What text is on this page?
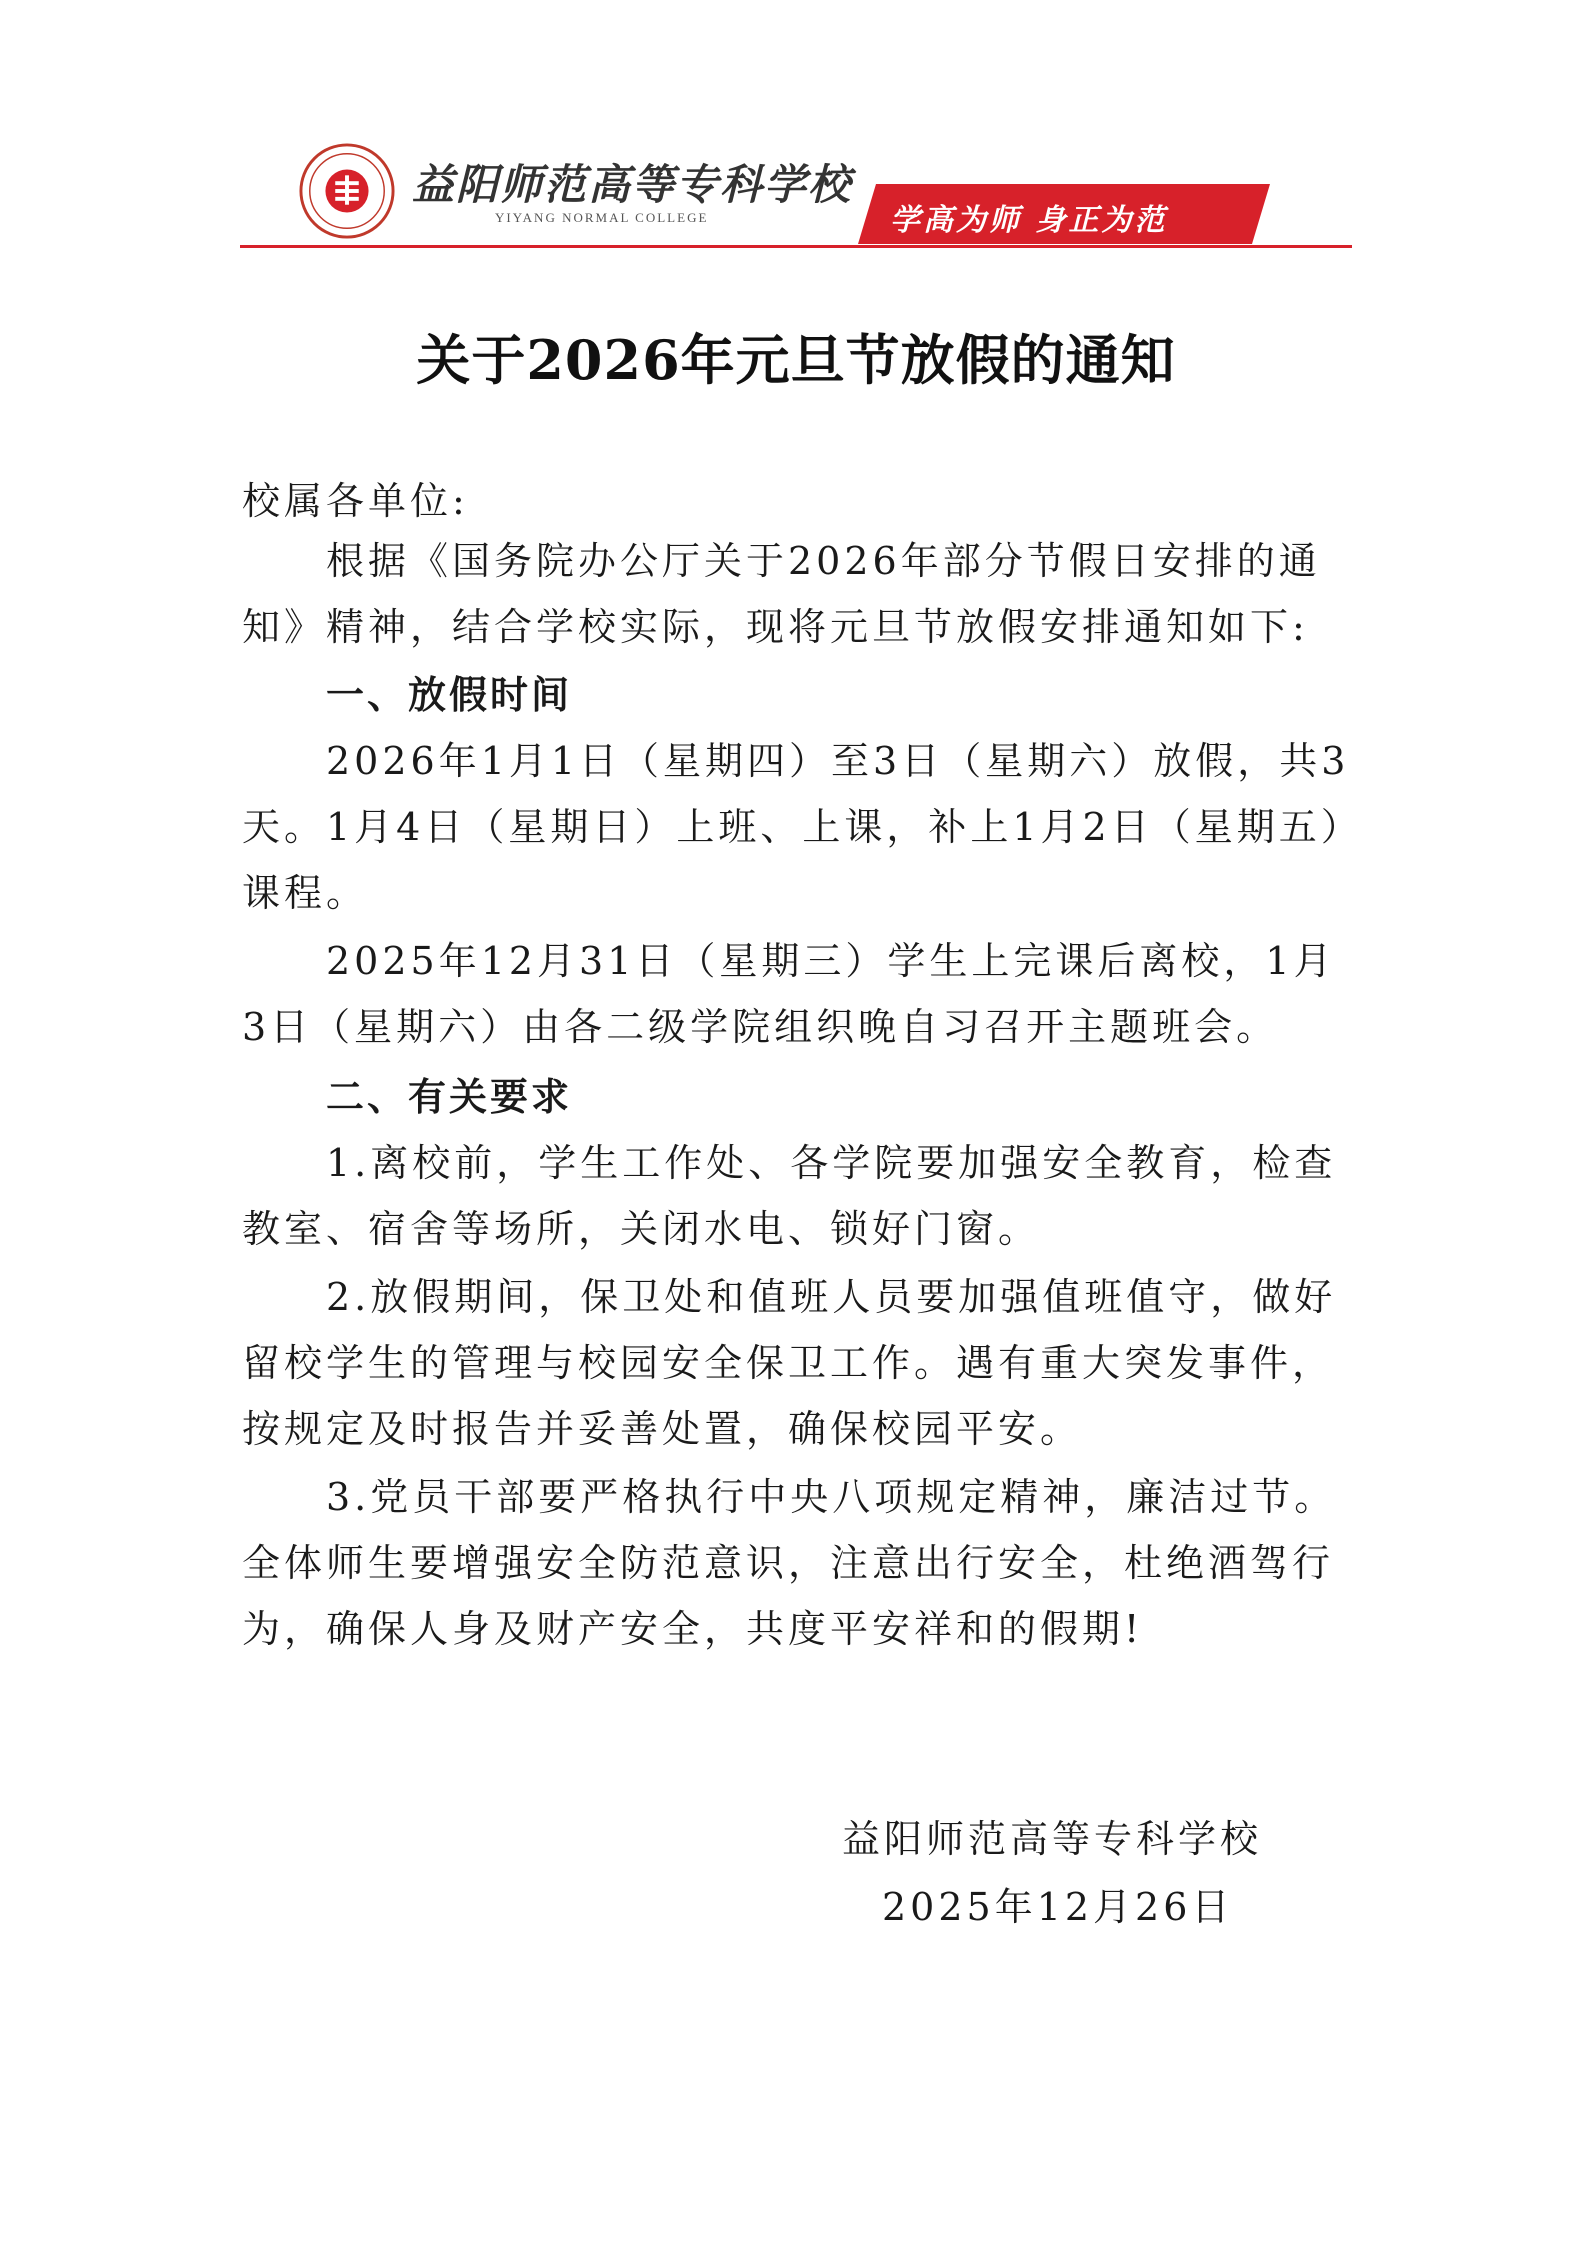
益阳师范高等专科学校
YIYANG NORMAL COLLEGE	学高为师 身正为范
关于2026年元旦节放假的通知

校属各单位:

根据《国务院办公厅关于2026年部分节假日安排的通知》精神，结合学校实际，现将元旦节放假安排通知如下:

一、放假时间

2026年1月1日（星期四）至3日（星期六）放假，共3天。1月4日（星期日）上班、上课，补上1月2日（星期五）课程。

2025年12月31日（星期三）学生上完课后离校，1月3日（星期六）由各二级学院组织晚自习召开主题班会。

二、有关要求

1.离校前，学生工作处、各学院要加强安全教育，检查教室、宿舍等场所，关闭水电、锁好门窗。

2.放假期间，保卫处和值班人员要加强值班值守，做好留校学生的管理与校园安全保卫工作。遇有重大突发事件，按规定及时报告并妥善处置，确保校园平安。

3.党员干部要严格执行中央八项规定精神，廉洁过节。全体师生要增强安全防范意识，注意出行安全，杜绝酒驾行为，确保人身及财产安全，共度平安祥和的假期!

益阳师范高等专科学校
2025年12月26日
